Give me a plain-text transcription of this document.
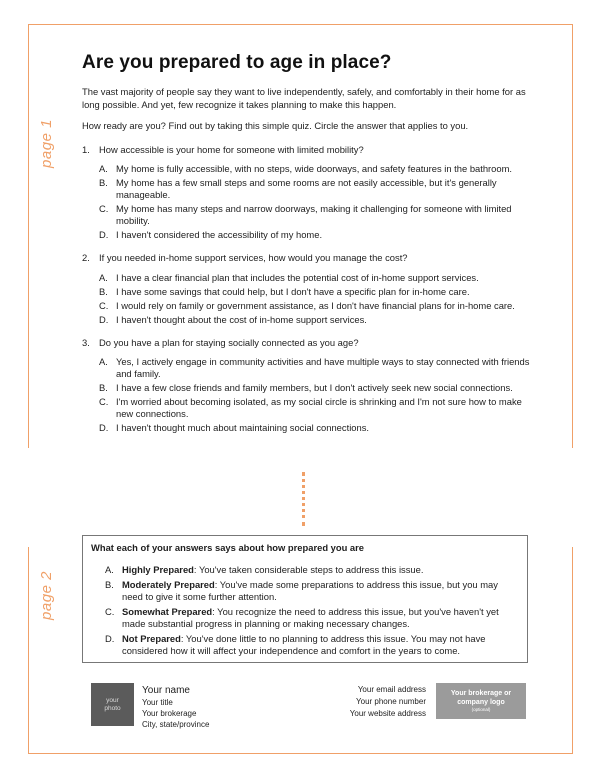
page 1
page 2
Are you prepared to age in place?

The vast majority of people say they want to live independently, safely, and comfortably in their home for as long possible. And yet, few recognize it takes planning to make this happen.

How ready are you? Find out by taking this simple quiz. Circle the answer that applies to you.

1. How accessible is your home for someone with limited mobility?
A. My home is fully accessible, with no steps, wide doorways, and safety features in the bathroom.
B. My home has a few small steps and some rooms are not easily accessible, but it's generally manageable.
C. My home has many steps and narrow doorways, making it challenging for someone with limited mobility.
D. I haven't considered the accessibility of my home.
2. If you needed in-home support services, how would you manage the cost?
A. I have a clear financial plan that includes the potential cost of in-home support services.
B. I have some savings that could help, but I don't have a specific plan for in-home care.
C. I would rely on family or government assistance, as I don't have financial plans for in-home care.
D. I haven't thought about the cost of in-home support services.
3. Do you have a plan for staying socially connected as you age?
A. Yes, I actively engage in community activities and have multiple ways to stay connected with friends and family.
B. I have a few close friends and family members, but I don't actively seek new social connections.
C. I'm worried about becoming isolated, as my social circle is shrinking and I'm not sure how to make new connections.
D. I haven't thought much about maintaining social connections.
What each of your answers says about how prepared you are
A. Highly Prepared: You've taken considerable steps to address this issue.
B. Moderately Prepared: You've made some preparations to address this issue, but you may need to give it some further attention.
C. Somewhat Prepared: You recognize the need to address this issue, but you've haven't yet made substantial progress in planning or making necessary changes.
D. Not Prepared: You've done little to no planning to address this issue. You may not have considered how it will affect your independence and comfort in the years to come.
your photo
Your name
Your title
Your brokerage
City, state/province
Your email address
Your phone number
Your website address
Your brokerage or company logo
(optional)
